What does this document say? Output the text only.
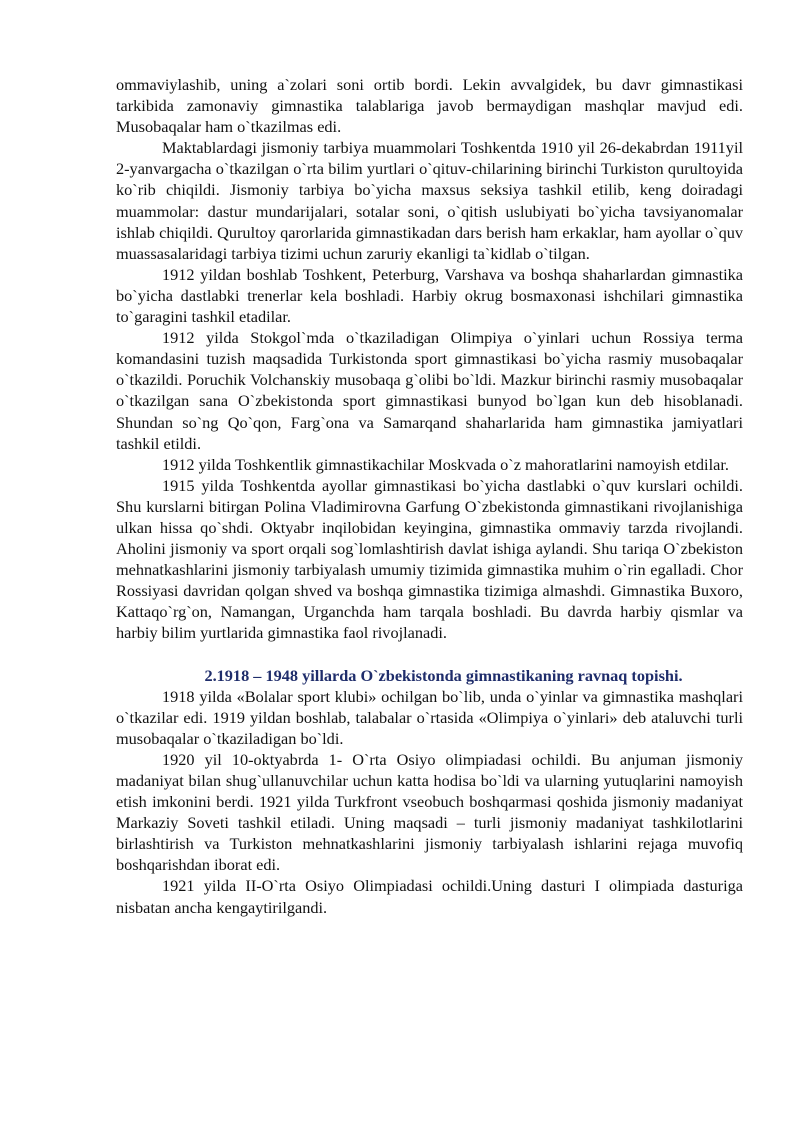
ommaviylashib, uning a`zolari soni ortib bordi. Lekin avvalgidek, bu davr gimnastikasi tarkibida zamonaviy gimnastika talablariga javob bermaydigan mashqlar mavjud edi. Musobaqalar ham o`tkazilmas edi.

Maktablardagi jismoniy tarbiya muammolari Toshkentda 1910 yil 26-dekabrdan 1911yil 2-yanvargacha o`tkazilgan o`rta bilim yurtlari o`qituv-chilarining birinchi Turkiston qurultoyida ko`rib chiqildi. Jismoniy tarbiya bo`yicha maxsus seksiya tashkil etilib, keng doiradagi muammolar: dastur mundarijalari, sotalar soni, o`qitish uslubiyati bo`yicha tavsiyanomalar ishlab chiqildi. Qurultoy qarorlarida gimnastikadan dars berish ham erkaklar, ham ayollar o`quv muassasalaridagi tarbiya tizimi uchun zaruriy ekanligi ta`kidlab o`tilgan.

1912 yildan boshlab Toshkent, Peterburg, Varshava va boshqa shaharlardan gimnastika bo`yicha dastlabki trenerlar kela boshladi. Harbiy okrug bosmaxonasi ishchilari gimnastika to`garagini tashkil etadilar.

1912 yilda Stokgol`mda o`tkaziladigan Olimpiya o`yinlari uchun Rossiya terma komandasini tuzish maqsadida Turkistonda sport gimnastikasi bo`yicha rasmiy musobaqalar o`tkazildi. Poruchik Volchanskiy musobaqa g`olibi bo`ldi. Mazkur birinchi rasmiy musobaqalar o`tkazilgan sana O`zbekistonda sport gimnastikasi bunyod bo`lgan kun deb hisoblanadi. Shundan so`ng Qo`qon, Farg`ona va Samarqand shaharlarida ham gimnastika jamiyatlari tashkil etildi.

1912 yilda Toshkentlik gimnastikachilar Moskvada o`z mahoratlarini namoyish etdilar.

1915 yilda Toshkentda ayollar gimnastikasi bo`yicha dastlabki o`quv kurslari ochildi. Shu kurslarni bitirgan Polina Vladimirovna Garfung O`zbekistonda gimnastikani rivojlanishiga ulkan hissa qo`shdi. Oktyabr inqilobidan keyingina, gimnastika ommaviy tarzda rivojlandi. Aholini jismoniy va sport orqali sog`lomlashtirish davlat ishiga aylandi. Shu tariqa O`zbekiston mehnatkashlarini jismoniy tarbiyalash umumiy tizimida gimnastika muhim o`rin egalladi. Chor Rossiyasi davridan qolgan shved va boshqa gimnastika tizimiga almashdi. Gimnastika Buxoro, Kattaqo`rg`on, Namangan, Urganchda ham tarqala boshladi. Bu davrda harbiy qismlar va harbiy bilim yurtlarida gimnastika faol rivojlanadi.

2.1918 – 1948 yillarda O`zbekistonda gimnastikaning ravnaq topishi.

1918 yilda «Bolalar sport klubi» ochilgan bo`lib, unda o`yinlar va gimnastika mashqlari o`tkazilar edi. 1919 yildan boshlab, talabalar o`rtasida «Olimpiya o`yinlari» deb ataluvchi turli musobaqalar o`tkaziladigan bo`ldi.

1920 yil 10-oktyabrda 1- O`rta Osiyo olimpiadasi ochildi. Bu anjuman jismoniy madaniyat bilan shug`ullanuvchilar uchun katta hodisa bo`ldi va ularning yutuqlarini namoyish etish imkonini berdi. 1921 yilda Turkfront vseobuch boshqarmasi qoshida jismoniy madaniyat Markaziy Soveti tashkil etiladi. Uning maqsadi – turli jismoniy madaniyat tashkilotlarini birlashtirish va Turkiston mehnatkashlarini jismoniy tarbiyalash ishlarini rejaga muvofiq boshqarishdan iborat edi.

1921 yilda II-O`rta Osiyo Olimpiadasi ochildi.Uning dasturi I olimpiada dasturiga nisbatan ancha kengaytirilgandi.
